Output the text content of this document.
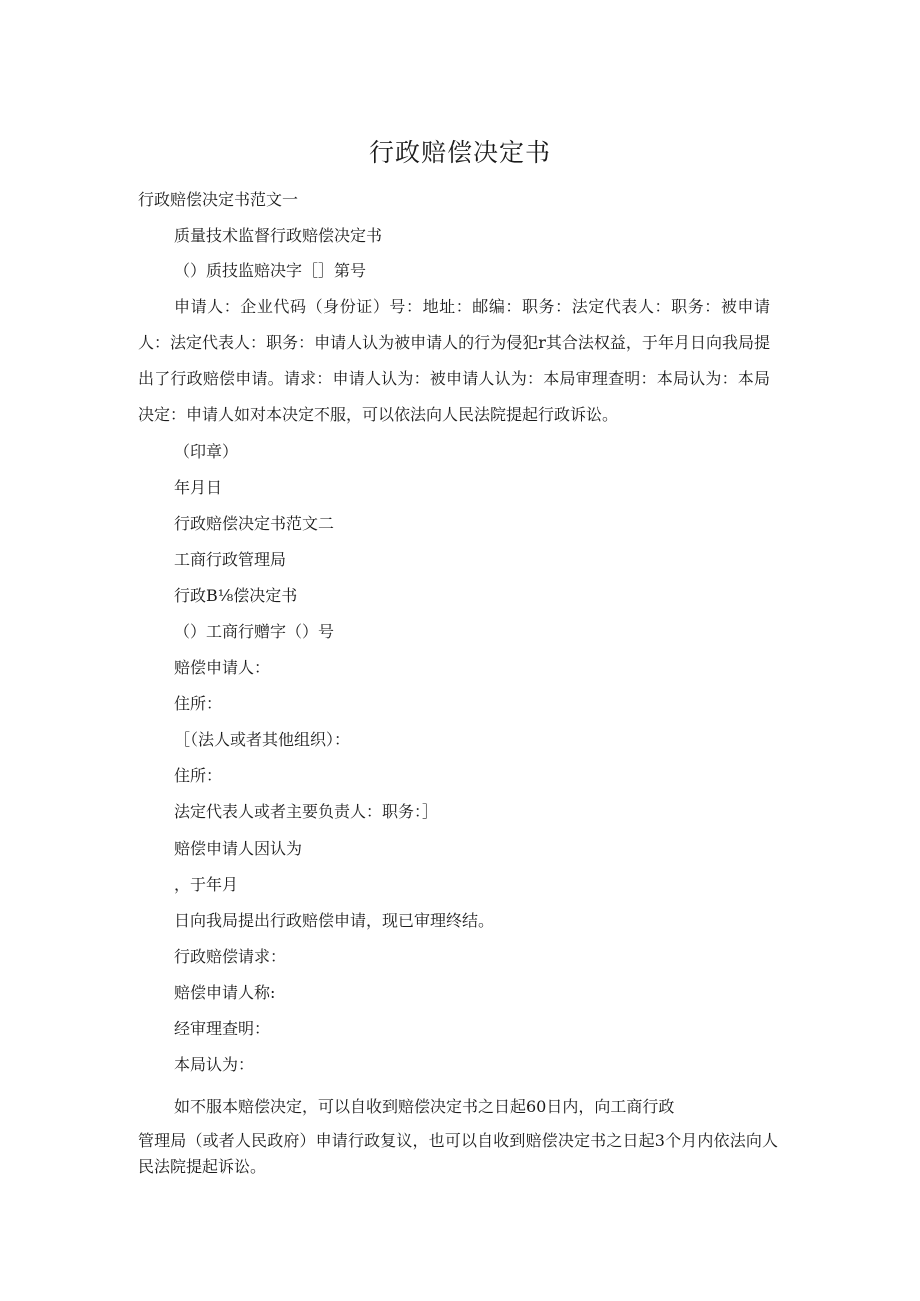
行政赔偿决定书
行政赔偿决定书范文一
质量技术监督行政赔偿决定书
（）质技监赔决字［］第号
申请人：企业代码（身份证）号：地址：邮编：职务：法定代表人：职务：被申请人：法定代表人：职务：申请人认为被申请人的行为侵犯r其合法权益，于年月日向我局提出了行政赔偿申请。请求：申请人认为：被申请人认为：本局审理查明：本局认为：本局决定：申请人如对本决定不服，可以依法向人民法院提起行政诉讼。
（印章）
年月日
行政赔偿决定书范文二
工商行政管理局
行政B⅛偿决定书
（）工商行赠字（）号
赔偿申请人：
住所：
［（法人或者其他组织）：
住所：
法定代表人或者主要负责人：职务：］
赔偿申请人因认为
，于年月
日向我局提出行政赔偿申请，现已审理终结。
行政赔偿请求：
赔偿申请人称:
经审理查明：
本局认为：
如不服本赔偿决定，可以自收到赔偿决定书之日起60日内，向工商行政
管理局（或者人民政府）申请行政复议，也可以自收到赔偿决定书之日起3个月内依法向人民法院提起诉讼。
